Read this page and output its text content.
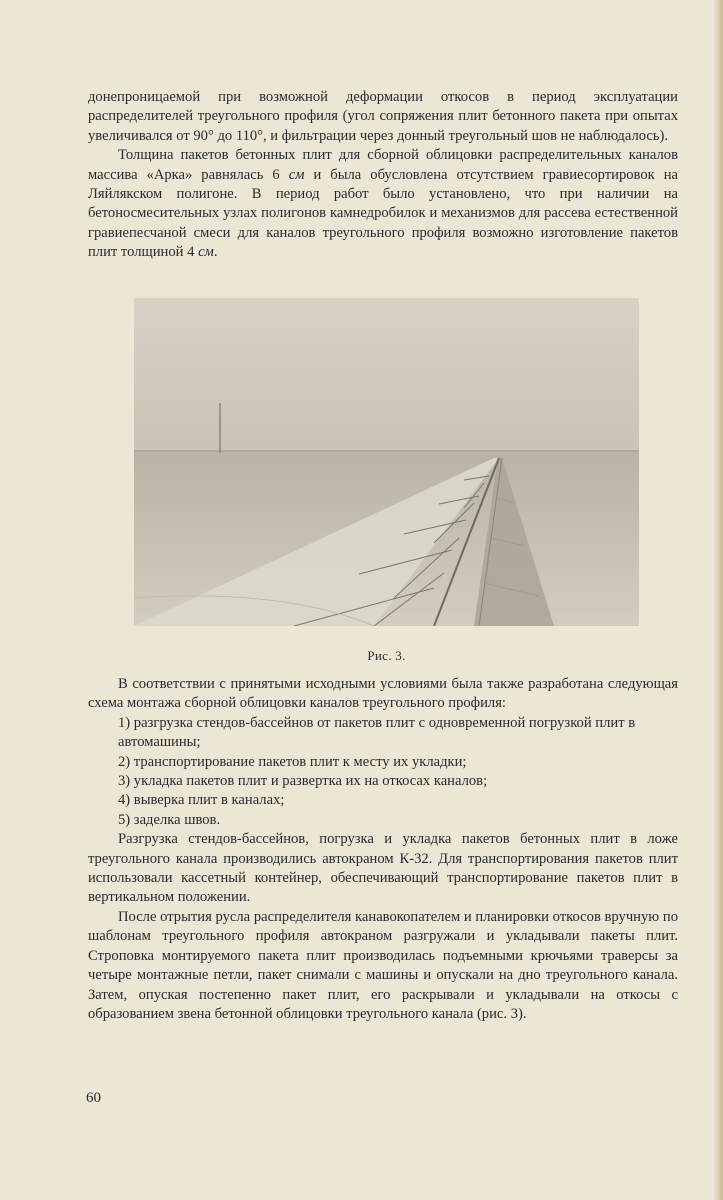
донепроницаемой при возможной деформации откосов в период эксплуатации распределителей треугольного профиля (угол сопряжения плит бетонного пакета при опытах увеличивался от 90° до 110°, и фильтрации через донный треугольный шов не наблюдалось).

Толщина пакетов бетонных плит для сборной облицовки распределительных каналов массива «Арка» равнялась 6 см и была обусловлена отсутствием гравиесортировок на Ляйлякском полигоне. В период работ было установлено, что при наличии на бетоносмесительных узлах полигонов камнедробилок и механизмов для рассева естественной гравиепесчаной смеси для каналов треугольного профиля возможно изготовление пакетов плит толщиной 4 см.

Рис. 3.

В соответствии с принятыми исходными условиями была также разработана следующая схема монтажа сборной облицовки каналов треугольного профиля:

1) разгрузка стендов-бассейнов от пакетов плит с одновременной погрузкой плит в автомашины;

2) транспортирование пакетов плит к месту их укладки;

3) укладка пакетов плит и развертка их на откосах каналов;

4) выверка плит в каналах;

5) заделка швов.

Разгрузка стендов-бассейнов, погрузка и укладка пакетов бетонных плит в ложе треугольного канала производились автокраном К-32. Для транспортирования пакетов плит использовали кассетный контейнер, обеспечивающий транспортирование пакетов плит в вертикальном положении.

После отрытия русла распределителя канавокопателем и планировки откосов вручную по шаблонам треугольного профиля автокраном разгружали и укладывали пакеты плит. Строповка монтируемого пакета плит производилась подъемными крючьями траверсы за четыре монтажные петли, пакет снимали с машины и опускали на дно треугольного канала. Затем, опуская постепенно пакет плит, его раскрывали и укладывали на откосы с образованием звена бетонной облицовки треугольного канала (рис. 3).

60
